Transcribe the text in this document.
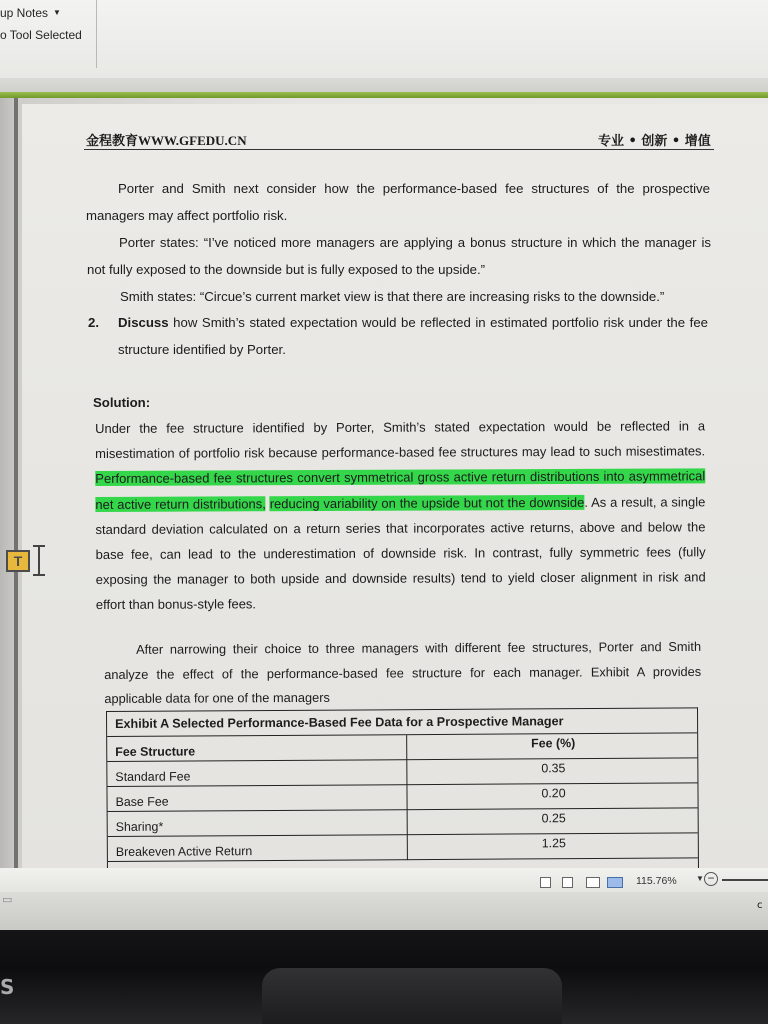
up Notes ▼
o Tool Selected
金程教育WWW.GFEDU.CN	专业 • 创新 • 增值
Porter and Smith next consider how the performance-based fee structures of the prospective managers may affect portfolio risk.
Porter states: “I’ve noticed more managers are applying a bonus structure in which the manager is not fully exposed to the downside but is fully exposed to the upside.”
Smith states: “Circue’s current market view is that there are increasing risks to the downside.”
2. Discuss how Smith’s stated expectation would be reflected in estimated portfolio risk under the fee structure identified by Porter.
Solution:
Under the fee structure identified by Porter, Smith’s stated expectation would be reflected in a misestimation of portfolio risk because performance-based fee structures may lead to such misestimates. Performance-based fee structures convert symmetrical gross active return distributions into asymmetrical net active return distributions, reducing variability on the upside but not the downside. As a result, a single standard deviation calculated on a return series that incorporates active returns, above and below the base fee, can lead to the underestimation of downside risk. In contrast, fully symmetric fees (fully exposing the manager to both upside and downside results) tend to yield closer alignment in risk and effort than bonus-style fees.
T
After narrowing their choice to three managers with different fee structures, Porter and Smith analyze the effect of the performance-based fee structure for each manager. Exhibit A provides applicable data for one of the managers
Exhibit A Selected Performance-Based Fee Data for a Prospective Manager
Fee Structure
Fee (%)
Standard Fee
0.35
Base Fee
0.20
Sharing*
0.25
Breakeven Active Return
1.25
115.76% ▼ −
▭	c
S
